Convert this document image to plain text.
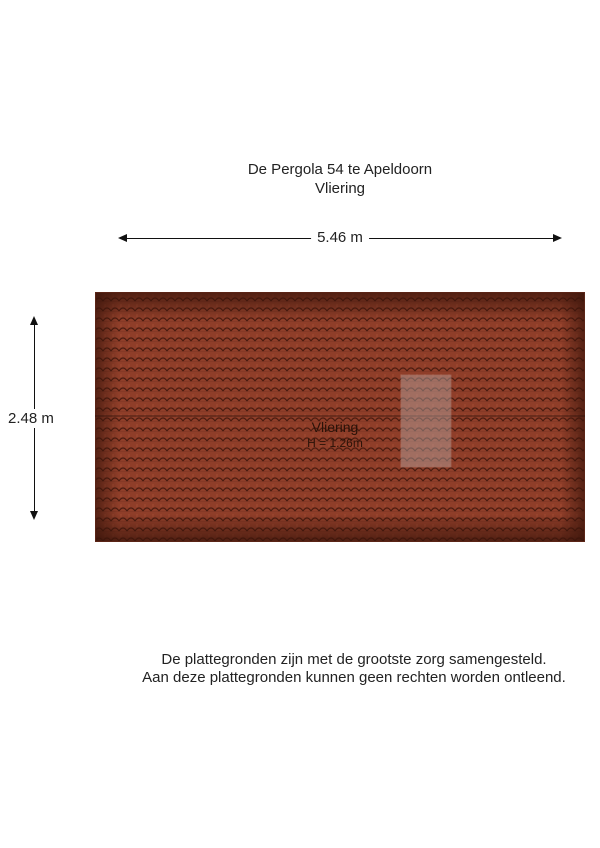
De Pergola 54 te Apeldoorn
Vliering
5.46 m
2.48 m	Vliering
H = 1.26m
De plattegronden zijn met de grootste zorg samengesteld.
Aan deze plattegronden kunnen geen rechten worden ontleend.
